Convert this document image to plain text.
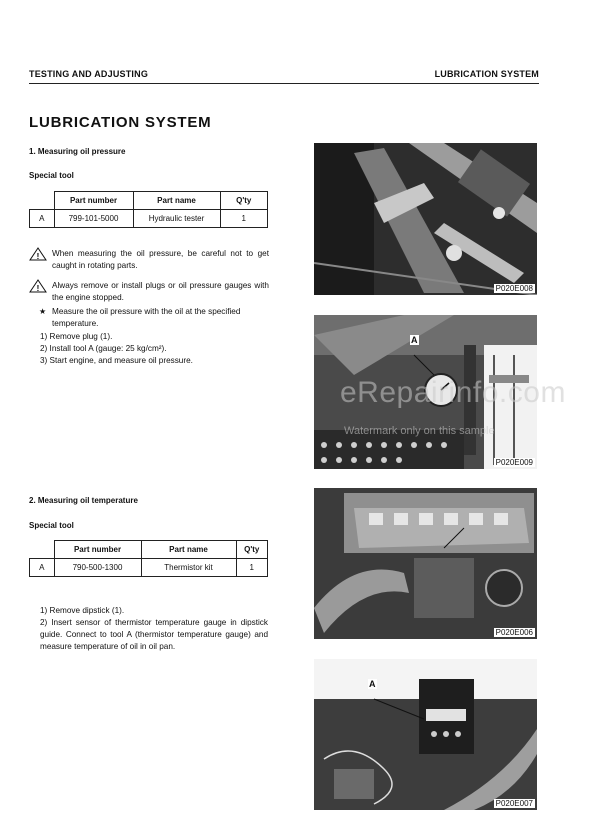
TESTING AND ADJUSTING	LUBRICATION SYSTEM
LUBRICATION SYSTEM
1. Measuring oil pressure
Special tool
	Part number	Part name	Q'ty
A	799-101-5000	Hydraulic tester	1
! When measuring the oil pressure, be careful not to get caught in rotating parts.
! Always remove or install plugs or oil pressure gauges with the engine stopped.
★ Measure the oil pressure with the oil at the specified temperature.
1) Remove plug (1).
2) Install tool A (gauge: 25 kg/cm²).
3) Start engine, and measure oil pressure.
2. Measuring oil temperature
Special tool
	Part number	Part name	Q'ty
A	790-500-1300	Thermistor kit	1
1) Remove dipstick (1).
2) Insert sensor of thermistor temperature gauge in dipstick guide. Connect to tool A (thermistor temperature gauge) and measure temperature of oil in oil pan.
P020E008
A
P020E009
P020E006
A
P020E007
eRepairinfo.com
Watermark only on this sample
